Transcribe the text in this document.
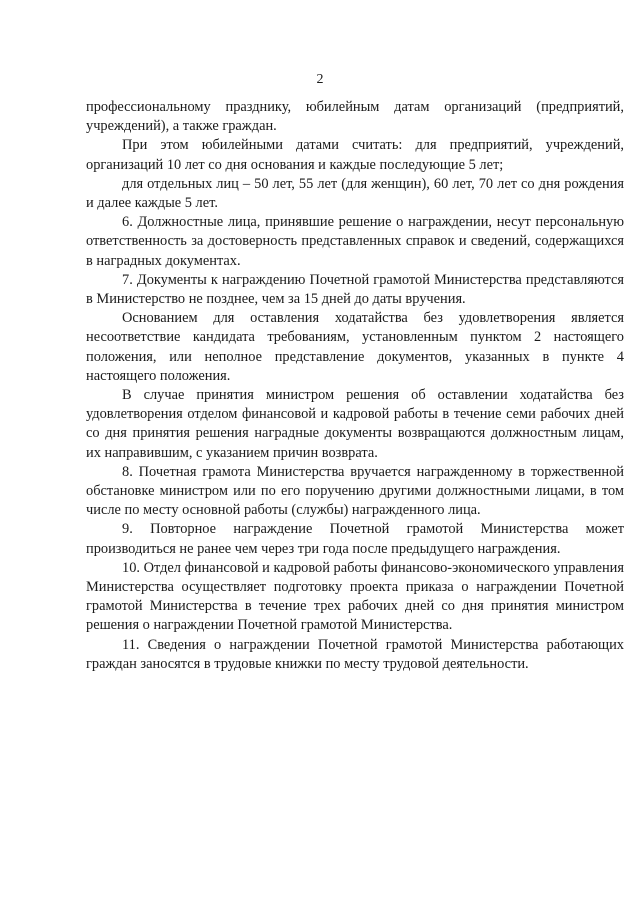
2

профессиональному празднику, юбилейным датам организаций (предприятий, учреждений), а также граждан.

При этом юбилейными датами считать: для предприятий, учреждений, организаций 10 лет со дня основания и каждые последующие 5 лет;

для отдельных лиц – 50 лет, 55 лет (для женщин), 60 лет, 70 лет со дня рождения и далее каждые 5 лет.

6. Должностные лица, принявшие решение о награждении, несут персональную ответственность за достоверность представленных справок и сведений, содержащихся в наградных документах.

7. Документы к награждению Почетной грамотой Министерства представляются в Министерство не позднее, чем за 15 дней до даты вручения.

Основанием для оставления ходатайства без удовлетворения является несоответствие кандидата требованиям, установленным пунктом 2 настоящего положения, или неполное представление документов, указанных в пункте 4 настоящего положения.

В случае принятия министром решения об оставлении ходатайства без удовлетворения отделом финансовой и кадровой работы в течение семи рабочих дней со дня принятия решения наградные документы возвращаются должностным лицам, их направившим, с указанием причин возврата.

8. Почетная грамота Министерства вручается награжденному в торжественной обстановке министром или по его поручению другими должностными лицами, в том числе по месту основной работы (службы) награжденного лица.

9. Повторное награждение Почетной грамотой Министерства может производиться не ранее чем через три года после предыдущего награждения.

10. Отдел финансовой и кадровой работы финансово-экономического управления Министерства осуществляет подготовку проекта приказа о награждении Почетной грамотой Министерства в течение трех рабочих дней со дня принятия министром решения о награждении Почетной грамотой Министерства.

11. Сведения о награждении Почетной грамотой Министерства работающих граждан заносятся в трудовые книжки по месту трудовой деятельности.
